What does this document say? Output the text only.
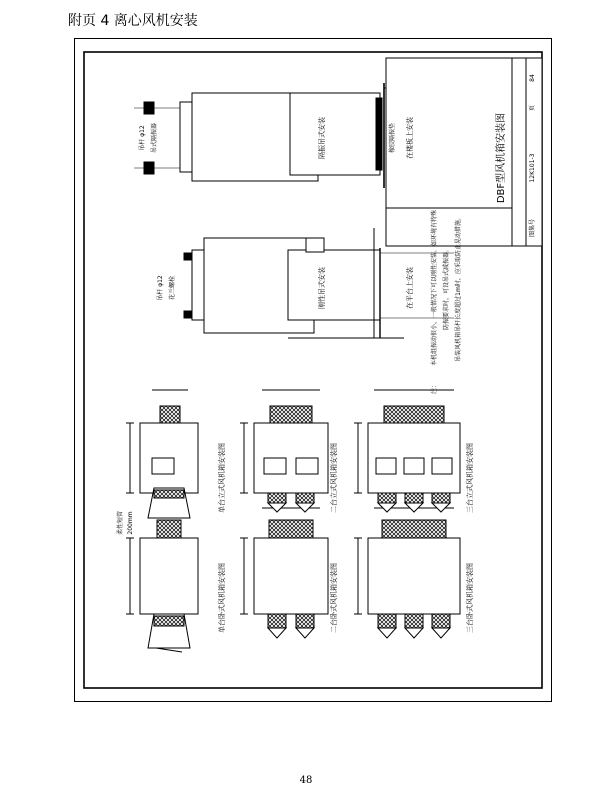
附页 4 离心风机安装
单台卧式风机箱安装图	二台卧式风机箱安装图	三台卧式风机箱安装图
单台立式风机箱安装图	二台立式风机箱安装图	三台立式风机箱安装图
刚性吊式安装
隔振吊式安装
在平台上安装
在楼板上安装
柔性短管 200mm
吊杆 φ12 花兰螺栓
吊杆 φ12 吊式隔振器	橡胶隔振垫
注：
本机组振动很小，一般情况下可以刚性安装。如环境有特殊 防振要求时，可设吊式减振器。 吊装风机箱吊杆长度超过1m时，应采取防止晃动措施。
DBF型风机箱安装图
图集号
12K101-3
页
84
48
